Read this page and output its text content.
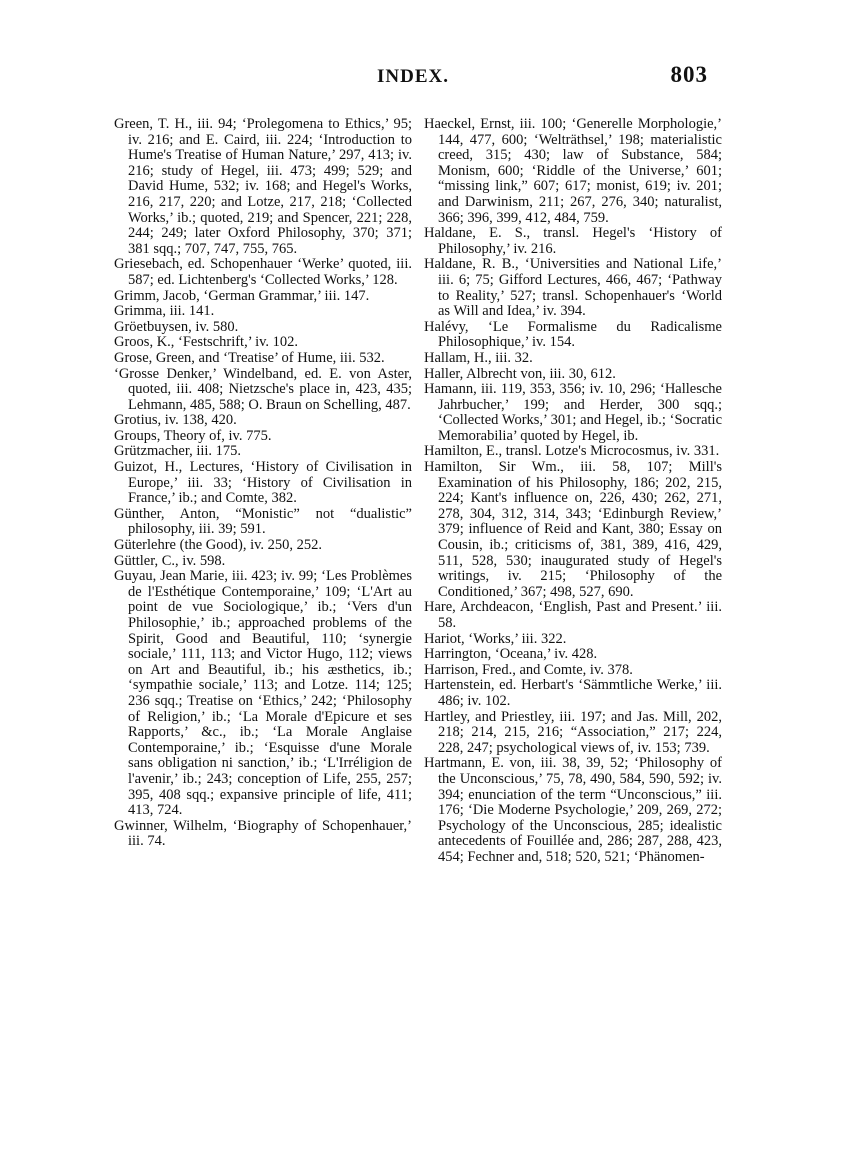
INDEX.	803

Green, T. H., iii. 94; ‘Prolegomena to Ethics,’ 95; iv. 216; and E. Caird, iii. 224; ‘Introduction to Hume's Treatise of Human Nature,’ 297, 413; iv. 216; study of Hegel, iii. 473; 499; 529; and David Hume, 532; iv. 168; and Hegel's Works, 216, 217, 220; and Lotze, 217, 218; ‘Collected Works,’ ib.; quoted, 219; and Spencer, 221; 228, 244; 249; later Oxford Philosophy, 370; 371; 381 sqq.; 707, 747, 755, 765.

Griesebach, ed. Schopenhauer ‘Werke’ quoted, iii. 587; ed. Lichtenberg's ‘Collected Works,’ 128.

Grimm, Jacob, ‘German Grammar,’ iii. 147.

Grimma, iii. 141.

Gröetbuysen, iv. 580.

Groos, K., ‘Festschrift,’ iv. 102.

Grose, Green, and ‘Treatise’ of Hume, iii. 532.

‘Grosse Denker,’ Windelband, ed. E. von Aster, quoted, iii. 408; Nietzsche's place in, 423, 435; Lehmann, 485, 588; O. Braun on Schelling, 487.

Grotius, iv. 138, 420.

Groups, Theory of, iv. 775.

Grützmacher, iii. 175.

Guizot, H., Lectures, ‘History of Civilisation in Europe,’ iii. 33; ‘History of Civilisation in France,’ ib.; and Comte, 382.

Günther, Anton, “Monistic” not “dualistic” philosophy, iii. 39; 591.

Güterlehre (the Good), iv. 250, 252.

Güttler, C., iv. 598.

Guyau, Jean Marie, iii. 423; iv. 99; ‘Les Problèmes de l'Esthétique Contemporaine,’ 109; ‘L'Art au point de vue Sociologique,’ ib.; ‘Vers d'un Philosophie,’ ib.; approached problems of the Spirit, Good and Beautiful, 110; ‘synergie sociale,’ 111, 113; and Victor Hugo, 112; views on Art and Beautiful, ib.; his æsthetics, ib.; ‘sympathie sociale,’ 113; and Lotze. 114; 125; 236 sqq.; Treatise on ‘Ethics,’ 242; ‘Philosophy of Religion,’ ib.; ‘La Morale d'Epicure et ses Rapports,’ &c., ib.; ‘La Morale Anglaise Contemporaine,’ ib.; ‘Esquisse d'une Morale sans obligation ni sanction,’ ib.; ‘L'Irréligion de l'avenir,’ ib.; 243; conception of Life, 255, 257; 395, 408 sqq.; expansive principle of life, 411; 413, 724.

Gwinner, Wilhelm, ‘Biography of Schopenhauer,’ iii. 74.

Haeckel, Ernst, iii. 100; ‘Generelle Morphologie,’ 144, 477, 600; ‘Welträthsel,’ 198; materialistic creed, 315; 430; law of Substance, 584; Monism, 600; ‘Riddle of the Universe,’ 601; “missing link,” 607; 617; monist, 619; iv. 201; and Darwinism, 211; 267, 276, 340; naturalist, 366; 396, 399, 412, 484, 759.

Haldane, E. S., transl. Hegel's ‘History of Philosophy,’ iv. 216.

Haldane, R. B., ‘Universities and National Life,’ iii. 6; 75; Gifford Lectures, 466, 467; ‘Pathway to Reality,’ 527; transl. Schopenhauer's ‘World as Will and Idea,’ iv. 394.

Halévy, ‘Le Formalisme du Radicalisme Philosophique,’ iv. 154.

Hallam, H., iii. 32.

Haller, Albrecht von, iii. 30, 612.

Hamann, iii. 119, 353, 356; iv. 10, 296; ‘Hallesche Jahrbucher,’ 199; and Herder, 300 sqq.; ‘Collected Works,’ 301; and Hegel, ib.; ‘Socratic Memorabilia’ quoted by Hegel, ib.

Hamilton, E., transl. Lotze's Microcosmus, iv. 331.

Hamilton, Sir Wm., iii. 58, 107; Mill's Examination of his Philosophy, 186; 202, 215, 224; Kant's influence on, 226, 430; 262, 271, 278, 304, 312, 314, 343; ‘Edinburgh Review,’ 379; influence of Reid and Kant, 380; Essay on Cousin, ib.; criticisms of, 381, 389, 416, 429, 511, 528, 530; inaugurated study of Hegel's writings, iv. 215; ‘Philosophy of the Conditioned,’ 367; 498, 527, 690.

Hare, Archdeacon, ‘English, Past and Present.’ iii. 58.

Hariot, ‘Works,’ iii. 322.

Harrington, ‘Oceana,’ iv. 428.

Harrison, Fred., and Comte, iv. 378.

Hartenstein, ed. Herbart's ‘Sämmtliche Werke,’ iii. 486; iv. 102.

Hartley, and Priestley, iii. 197; and Jas. Mill, 202, 218; 214, 215, 216; “Association,” 217; 224, 228, 247; psychological views of, iv. 153; 739.

Hartmann, E. von, iii. 38, 39, 52; ‘Philosophy of the Unconscious,’ 75, 78, 490, 584, 590, 592; iv. 394; enunciation of the term “Unconscious,” iii. 176; ‘Die Moderne Psychologie,’ 209, 269, 272; Psychology of the Unconscious, 285; idealistic antecedents of Fouillée and, 286; 287, 288, 423, 454; Fechner and, 518; 520, 521; ‘Phänomen-
